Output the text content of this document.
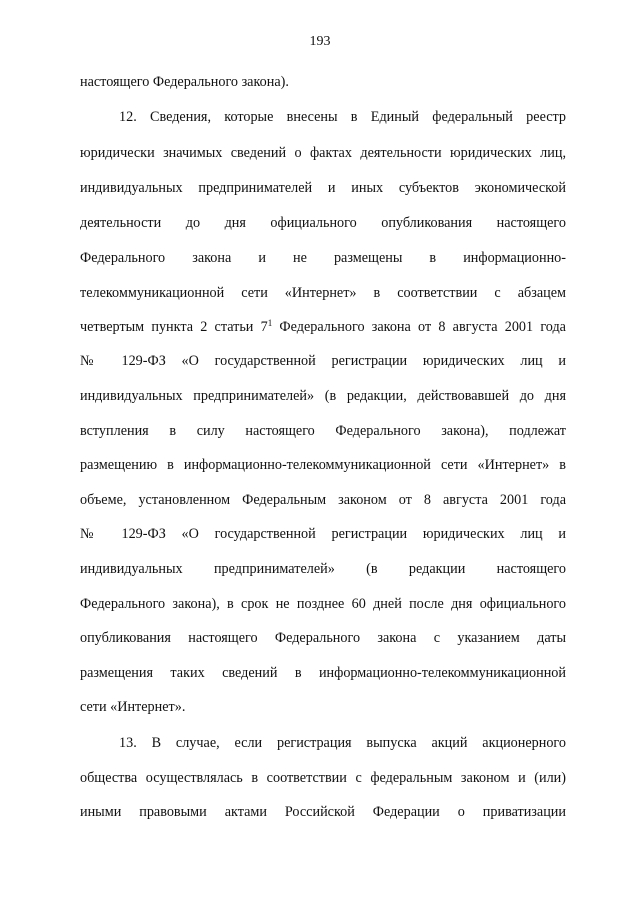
193
настоящего Федерального закона).
12. Сведения, которые внесены в Единый федеральный реестр
юридически значимых сведений о фактах деятельности юридических лиц,
индивидуальных предпринимателей и иных субъектов экономической
деятельности до дня официального опубликования настоящего
Федерального закона и не размещены в информационно-
телекоммуникационной сети «Интернет» в соответствии с абзацем
четвертым пункта 2 статьи $7^1$ Федерального закона от 8 августа 2001 года
№ 129-ФЗ «О государственной регистрации юридических лиц и
индивидуальных предпринимателей» (в редакции, действовавшей до дня
вступления в силу настоящего Федерального закона), подлежат
размещению в информационно-телекоммуникационной сети «Интернет» в
объеме, установленном Федеральным законом от 8 августа 2001 года
№ 129-ФЗ «О государственной регистрации юридических лиц и
индивидуальных предпринимателей» (в редакции настоящего
Федерального закона), в срок не позднее 60 дней после дня официального
опубликования настоящего Федерального закона с указанием даты
размещения таких сведений в информационно-телекоммуникационной
сети «Интернет».
13. В случае, если регистрация выпуска акций акционерного
общества осуществлялась в соответствии с федеральным законом и (или)
иными правовыми актами Российской Федерации о приватизации
